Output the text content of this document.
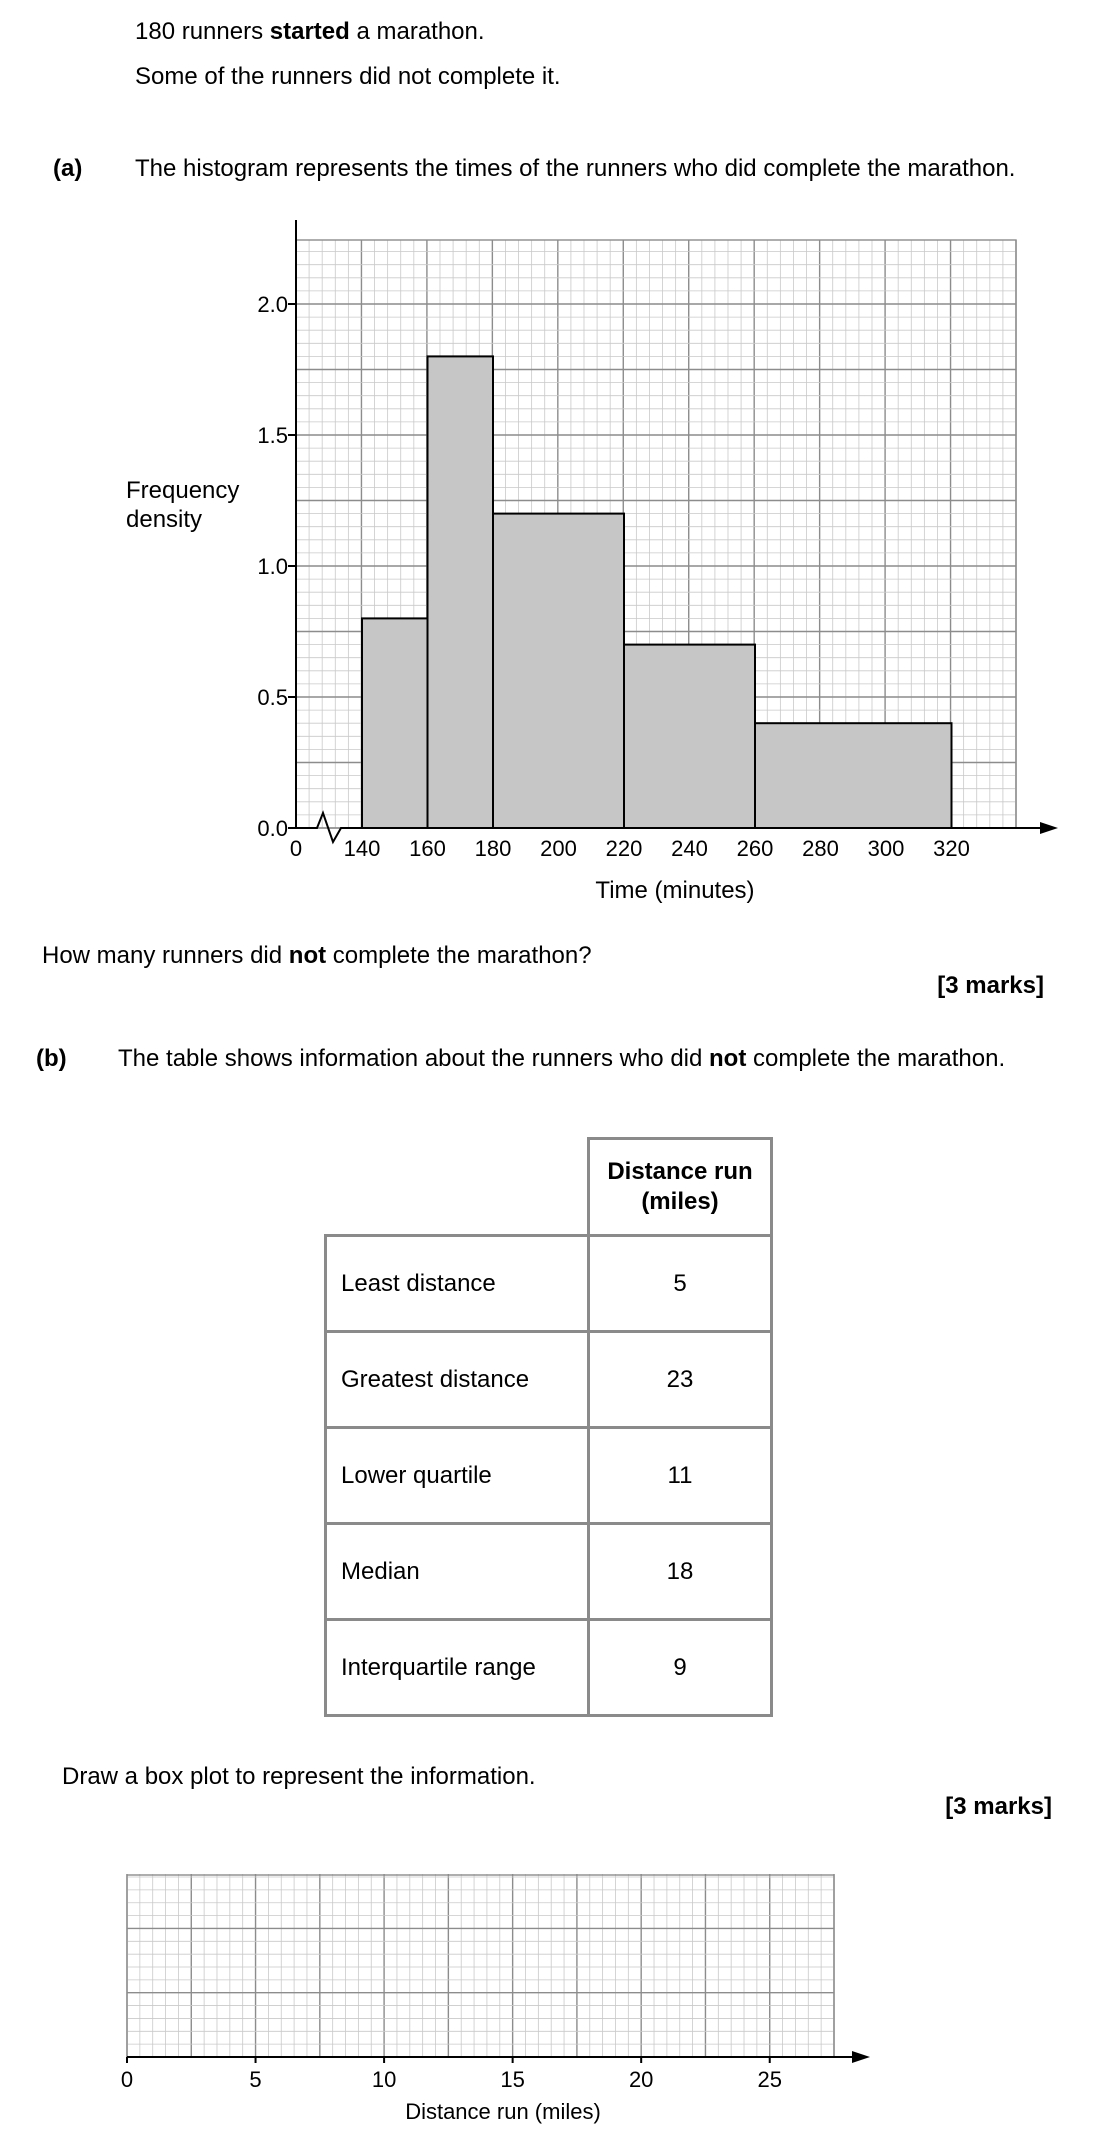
180 runners started a marathon.
Some of the runners did not complete it.
(a) The histogram represents the times of the runners who did complete the marathon.
0.0
0.5
1.0
1.5
2.0
0 140 160 180 200 220 240 260 280 300 320
Frequency
density
Time (minutes)
How many runners did not complete the marathon?
[3 marks]
(b) The table shows information about the runners who did not complete the marathon.
	Distance run
(miles)
Least distance	5
Greatest distance	23
Lower quartile	11
Median	18
Interquartile range	9
Draw a box plot to represent the information.
[3 marks]
0	5	10	15	20	25
Distance run (miles)
